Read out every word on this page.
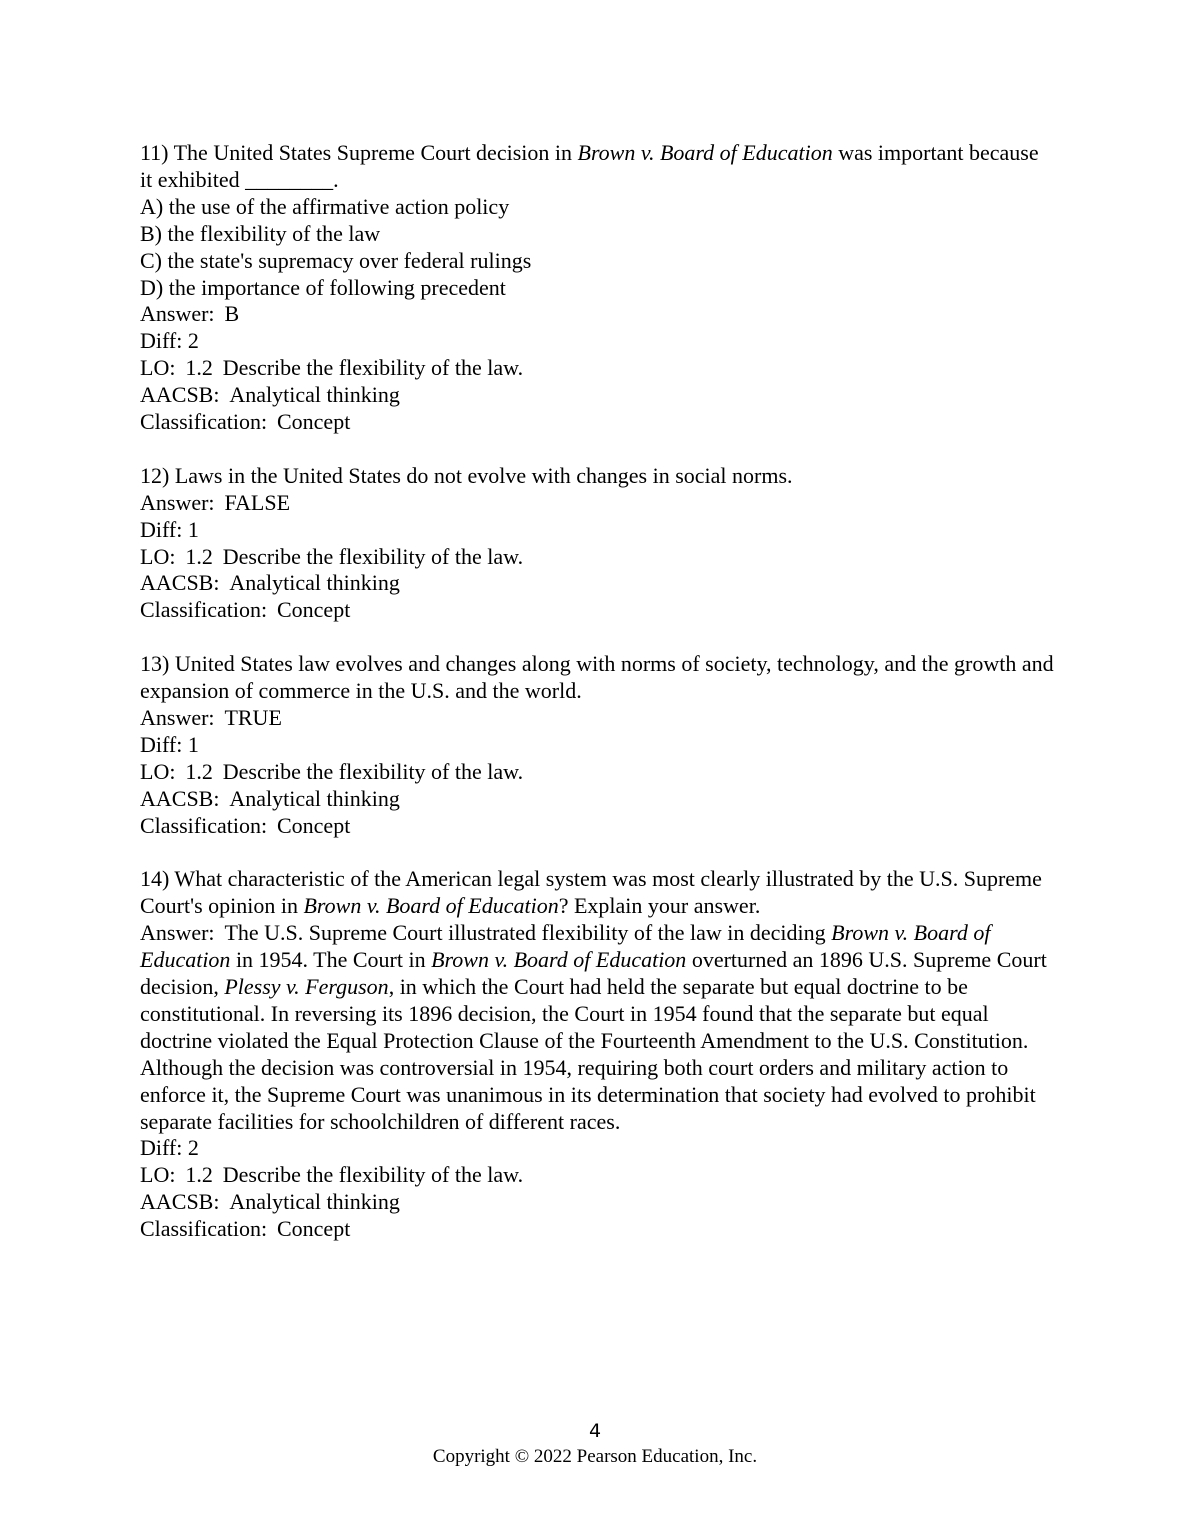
11) The United States Supreme Court decision in Brown v. Board of Education was important because it exhibited ________.
A) the use of the affirmative action policy
B) the flexibility of the law
C) the state's supremacy over federal rulings
D) the importance of following precedent
Answer: B
Diff: 2
LO: 1.2 Describe the flexibility of the law.
AACSB: Analytical thinking
Classification: Concept
12) Laws in the United States do not evolve with changes in social norms.
Answer: FALSE
Diff: 1
LO: 1.2 Describe the flexibility of the law.
AACSB: Analytical thinking
Classification: Concept
13) United States law evolves and changes along with norms of society, technology, and the growth and expansion of commerce in the U.S. and the world.
Answer: TRUE
Diff: 1
LO: 1.2 Describe the flexibility of the law.
AACSB: Analytical thinking
Classification: Concept
14) What characteristic of the American legal system was most clearly illustrated by the U.S. Supreme Court's opinion in Brown v. Board of Education? Explain your answer.
Answer: The U.S. Supreme Court illustrated flexibility of the law in deciding Brown v. Board of Education in 1954. The Court in Brown v. Board of Education overturned an 1896 U.S. Supreme Court decision, Plessy v. Ferguson, in which the Court had held the separate but equal doctrine to be constitutional. In reversing its 1896 decision, the Court in 1954 found that the separate but equal doctrine violated the Equal Protection Clause of the Fourteenth Amendment to the U.S. Constitution. Although the decision was controversial in 1954, requiring both court orders and military action to enforce it, the Supreme Court was unanimous in its determination that society had evolved to prohibit separate facilities for schoolchildren of different races.
Diff: 2
LO: 1.2 Describe the flexibility of the law.
AACSB: Analytical thinking
Classification: Concept
4
Copyright © 2022 Pearson Education, Inc.
